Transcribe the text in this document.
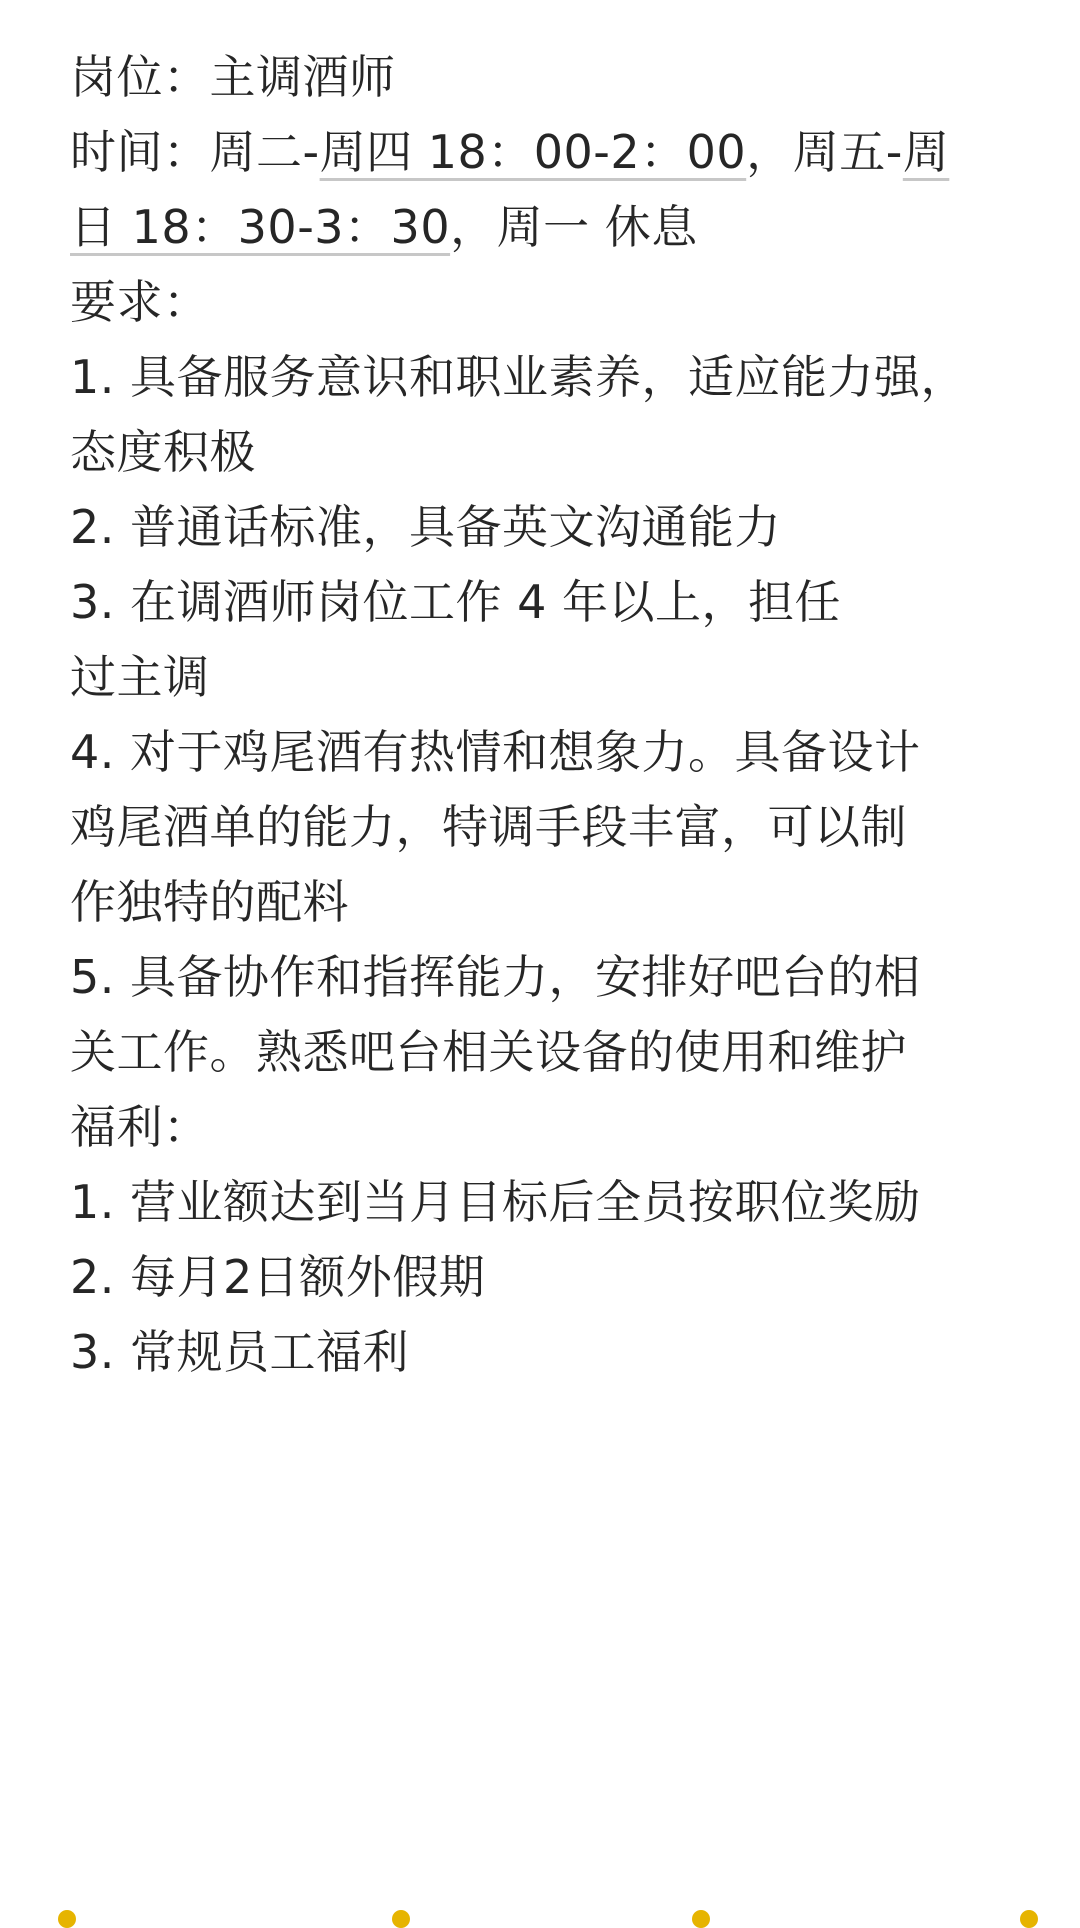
岗位：主调酒师
时间：周二-周四 18：00-2：00，周五-周
日 18：30-3：30，周一 休息
要求：
1. 具备服务意识和职业素养，适应能力强，
态度积极
2. 普通话标准，具备英文沟通能力
3. 在调酒师岗位工作 4 年以上，担任
过主调
4. 对于鸡尾酒有热情和想象力。具备设计
鸡尾酒单的能力，特调手段丰富，可以制
作独特的配料
5. 具备协作和指挥能力，安排好吧台的相
关工作。熟悉吧台相关设备的使用和维护
福利：
1. 营业额达到当月目标后全员按职位奖励
2. 每月2日额外假期
3. 常规员工福利
